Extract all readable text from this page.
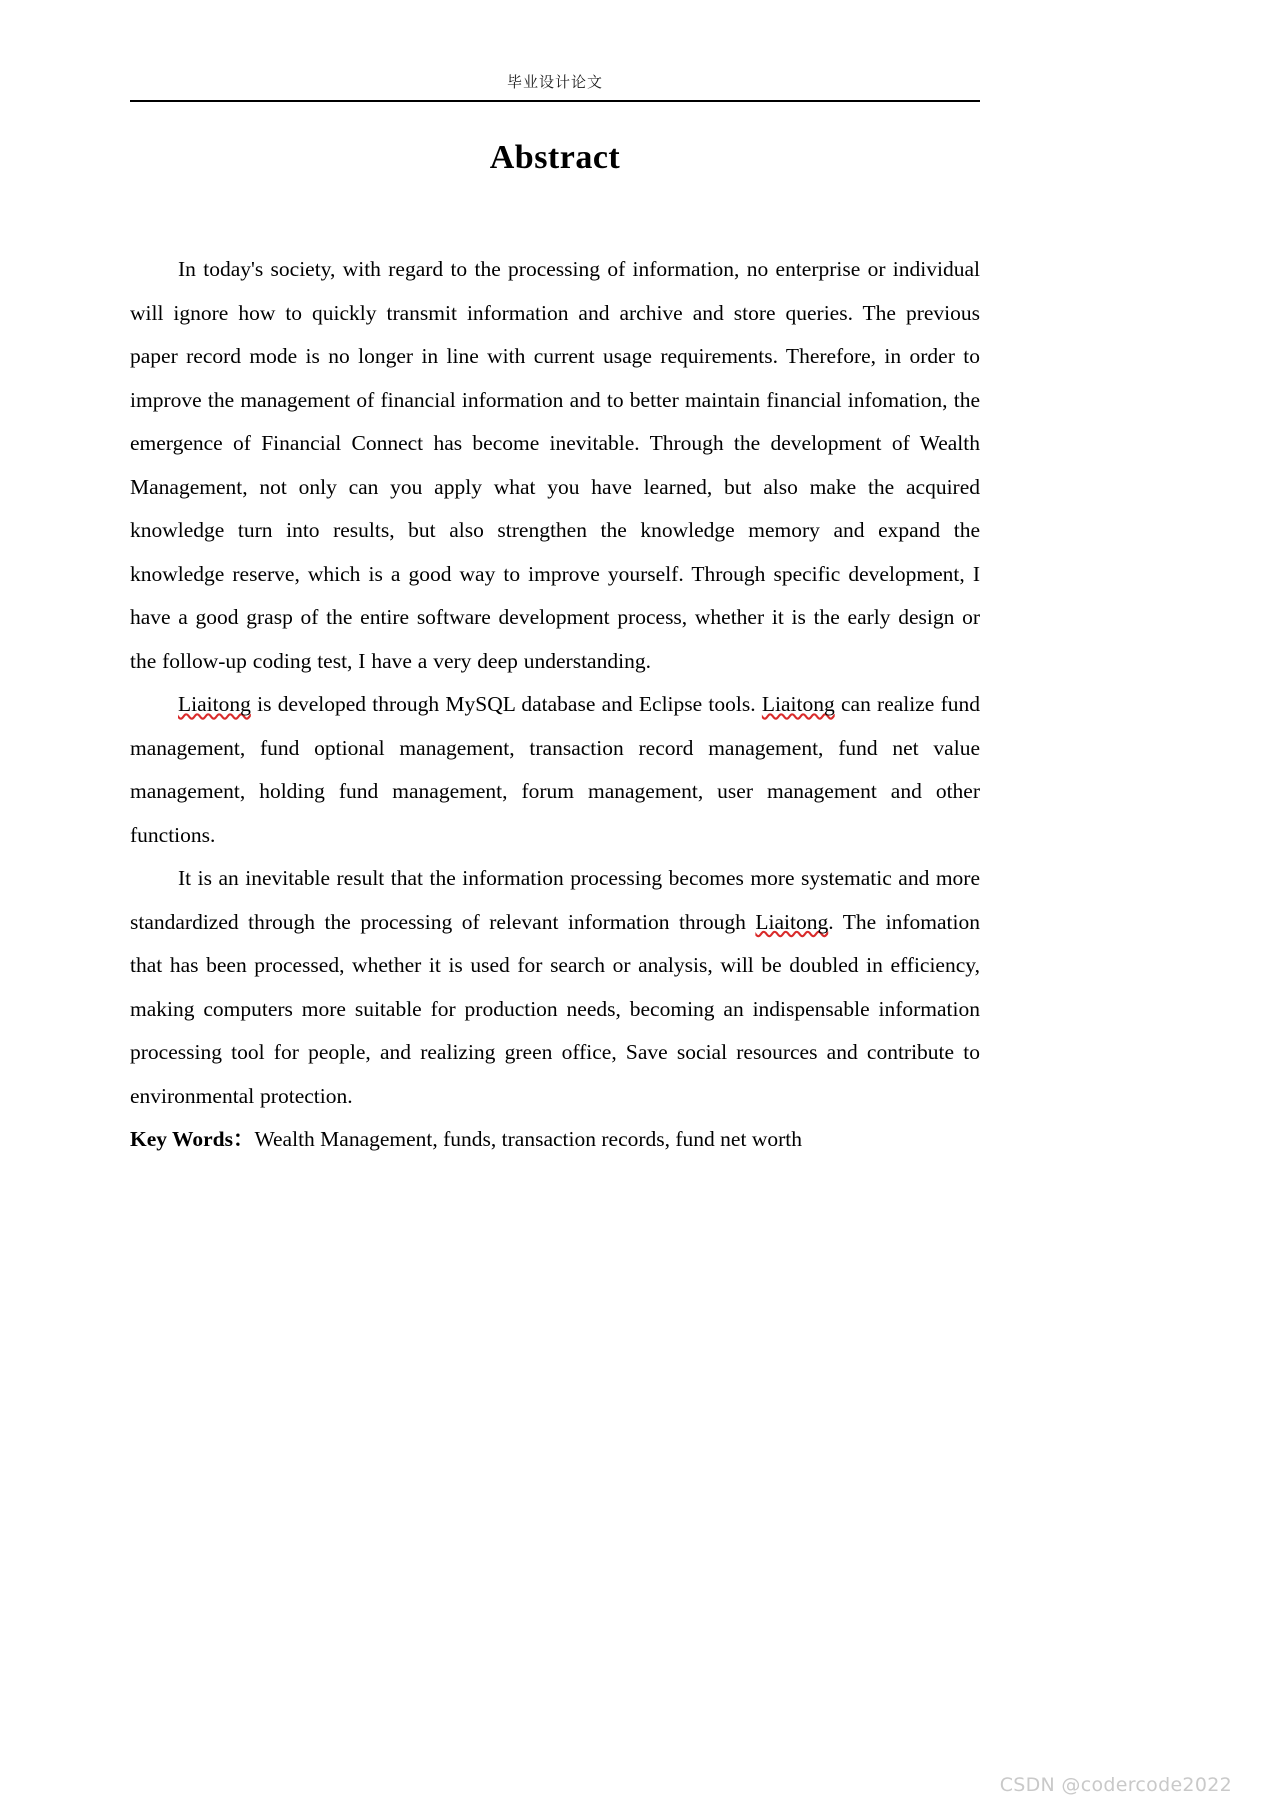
毕业设计论文
Abstract

In today's society, with regard to the processing of information, no enterprise or individual will ignore how to quickly transmit information and archive and store queries. The previous paper record mode is no longer in line with current usage requirements. Therefore, in order to improve the management of financial information and to better maintain financial infomation, the emergence of Financial Connect has become inevitable. Through the development of Wealth Management, not only can you apply what you have learned, but also make the acquired knowledge turn into results, but also strengthen the knowledge memory and expand the knowledge reserve, which is a good way to improve yourself. Through specific development, I have a good grasp of the entire software development process, whether it is the early design or the follow-up coding test, I have a very deep understanding.

Liaitong is developed through MySQL database and Eclipse tools. Liaitong can realize fund management, fund optional management, transaction record management, fund net value management, holding fund management, forum management, user management and other functions.

It is an inevitable result that the information processing becomes more systematic and more standardized through the processing of relevant information through Liaitong. The infomation that has been processed, whether it is used for search or analysis, will be doubled in efficiency, making computers more suitable for production needs, becoming an indispensable information processing tool for people, and realizing green office, Save social resources and contribute to environmental protection.

Key Words：Wealth Management, funds, transaction records, fund net worth

CSDN @codercode2022
